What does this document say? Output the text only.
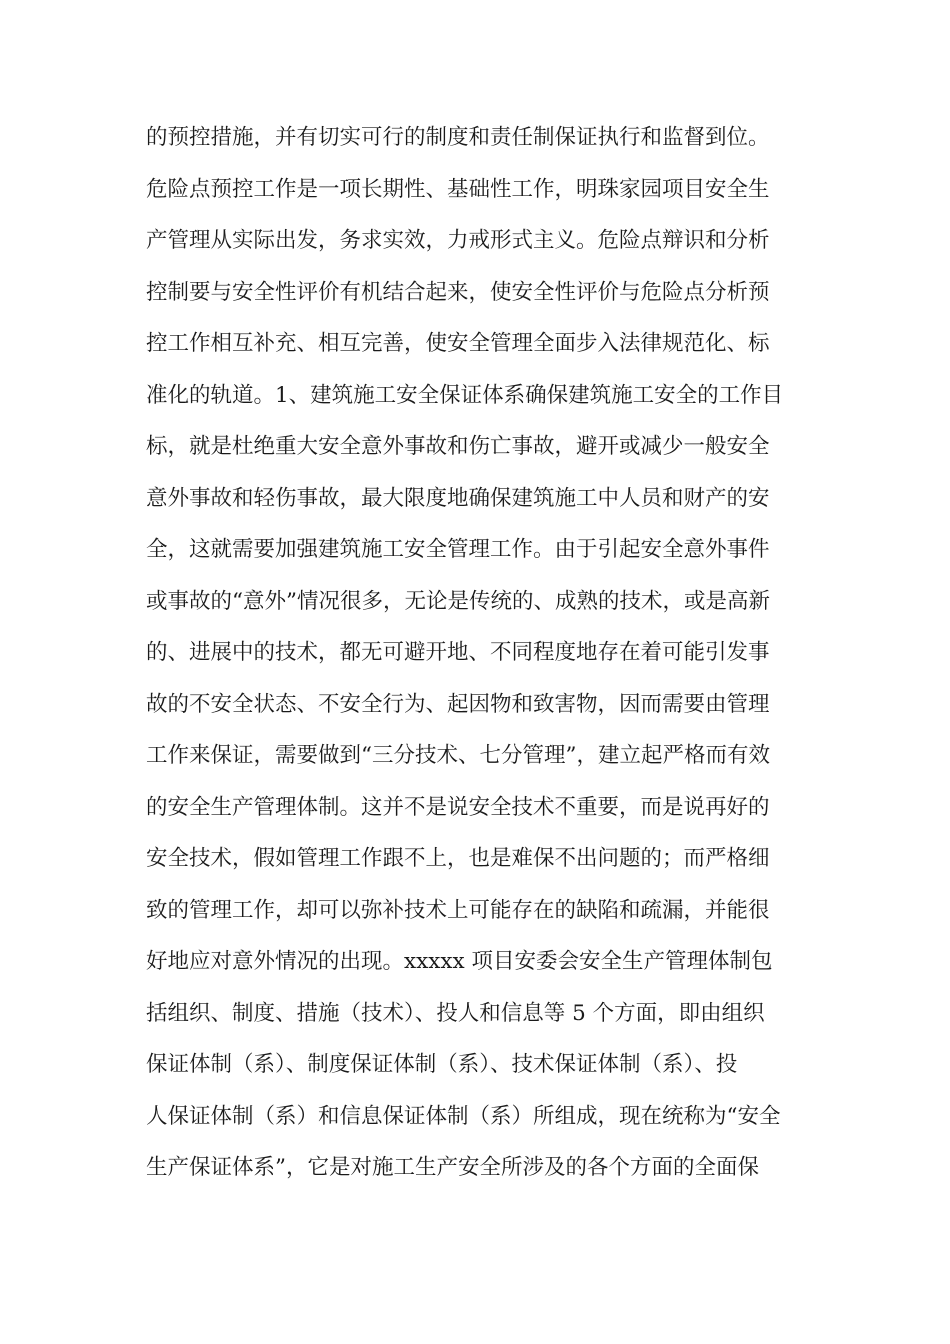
的预控措施，并有切实可行的制度和责任制保证执行和监督到位。
危险点预控工作是一项长期性、基础性工作，明珠家园项目安全生
产管理从实际出发，务求实效，力戒形式主义。危险点辩识和分析
控制要与安全性评价有机结合起来，使安全性评价与危险点分析预
控工作相互补充、相互完善，使安全管理全面步入法律规范化、标
准化的轨道。1、建筑施工安全保证体系确保建筑施工安全的工作目
标，就是杜绝重大安全意外事故和伤亡事故，避开或减少一般安全
意外事故和轻伤事故，最大限度地确保建筑施工中人员和财产的安
全，这就需要加强建筑施工安全管理工作。由于引起安全意外事件
或事故的“意外”情况很多，无论是传统的、成熟的技术，或是高新
的、进展中的技术，都无可避开地、不同程度地存在着可能引发事
故的不安全状态、不安全行为、起因物和致害物，因而需要由管理
工作来保证，需要做到“三分技术、七分管理”，建立起严格而有效
的安全生产管理体制。这并不是说安全技术不重要，而是说再好的
安全技术，假如管理工作跟不上，也是难保不出问题的；而严格细
致的管理工作，却可以弥补技术上可能存在的缺陷和疏漏，并能很
好地应对意外情况的出现。xxxxx 项目安委会安全生产管理体制包
括组织、制度、措施（技术）、投人和信息等 5 个方面，即由组织
保证体制（系）、制度保证体制（系）、技术保证体制（系）、投
人保证体制（系）和信息保证体制（系）所组成，现在统称为“安全
生产保证体系”，它是对施工生产安全所涉及的各个方面的全面保
